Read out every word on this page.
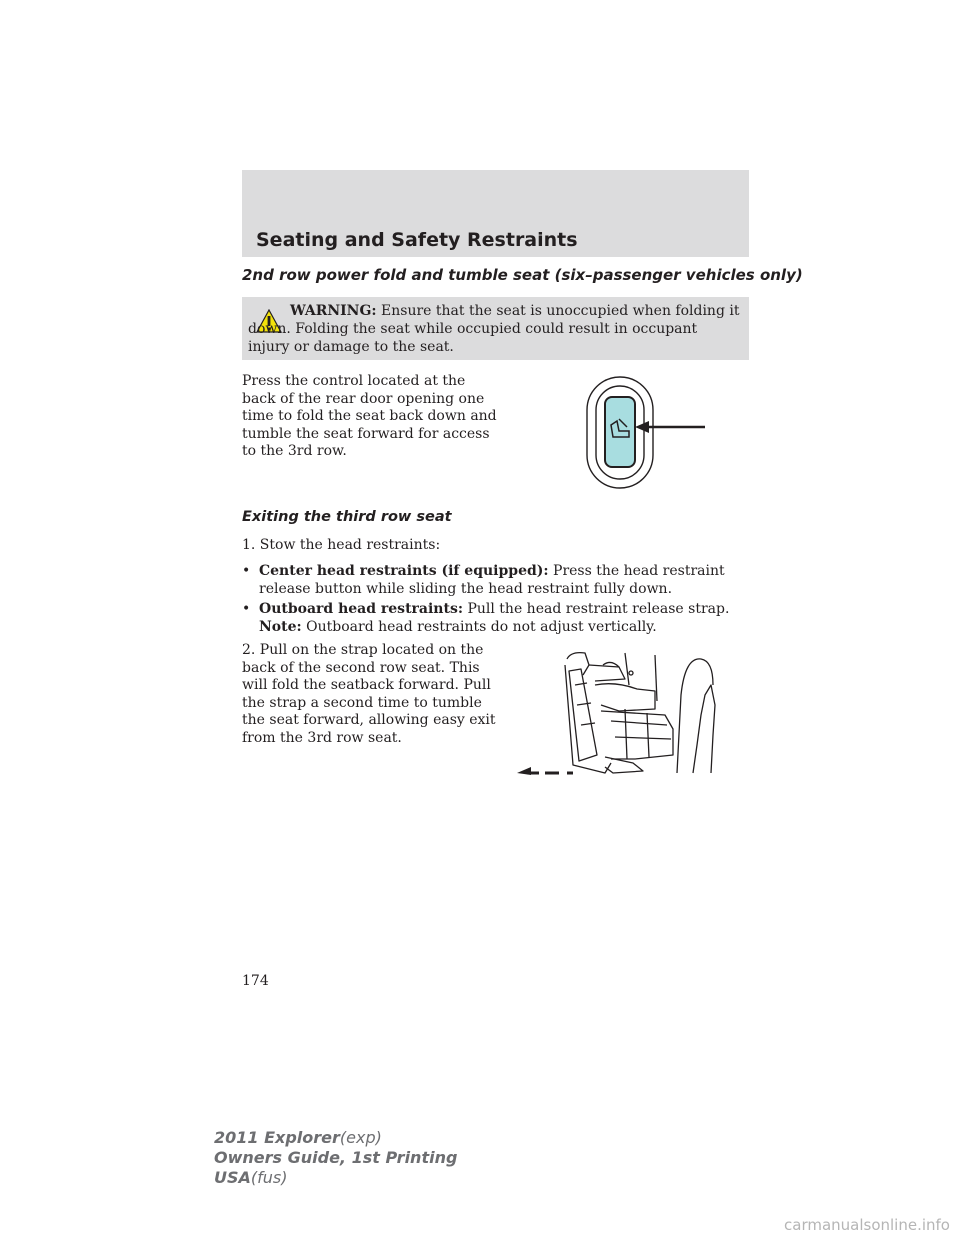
Seating and Safety Restraints
2nd row power fold and tumble seat (six–passenger vehicles only)
WARNING: Ensure that the seat is unoccupied when folding it down. Folding the seat while occupied could result in occupant injury or damage to the seat.
Press the control located at the
back of the rear door opening one
time to fold the seat back down and
tumble the seat forward for access
to the 3rd row.
Exiting the third row seat
1. Stow the head restraints:
• Center head restraints (if equipped): Press the head restraint
release button while sliding the head restraint fully down.
• Outboard head restraints: Pull the head restraint release strap.
Note: Outboard head restraints do not adjust vertically.
2. Pull on the strap located on the
back of the second row seat. This
will fold the seatback forward. Pull
the strap a second time to tumble
the seat forward, allowing easy exit
from the 3rd row seat.
174
2011 Explorer(exp)
Owners Guide, 1st Printing
USA(fus)
carmanualsonline.info
